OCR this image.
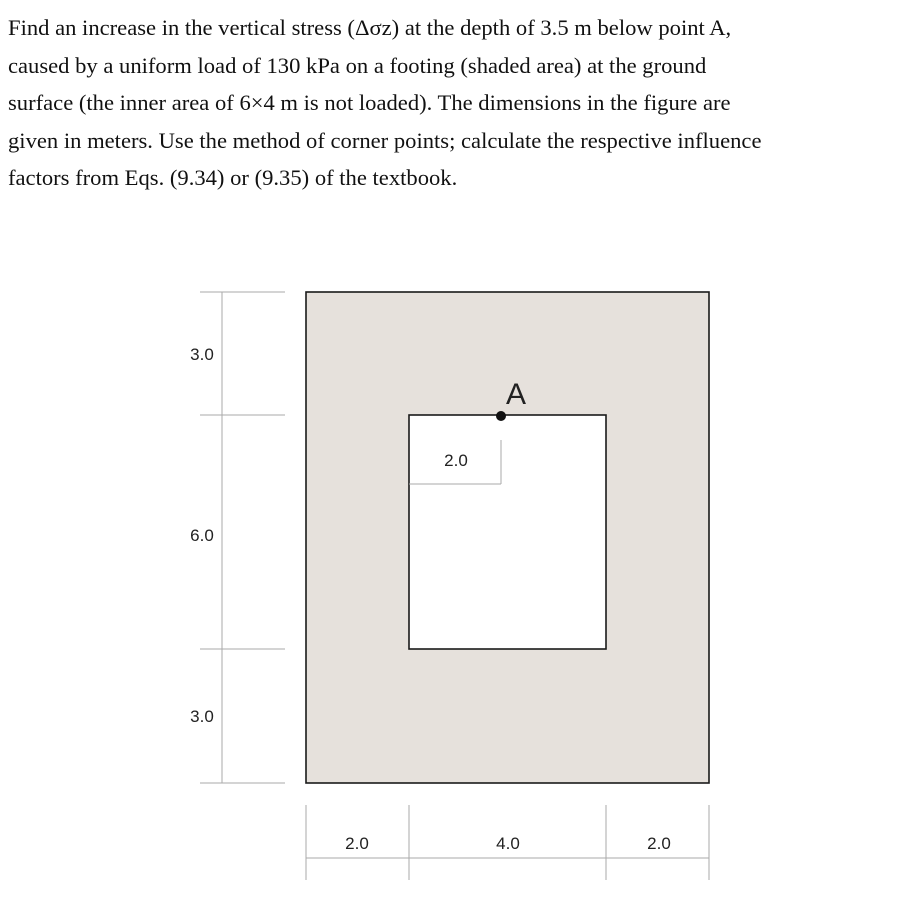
Find an increase in the vertical stress (Δσz) at the depth of 3.5 m below point A,
caused by a uniform load of 130 kPa on a footing (shaded area) at the ground
surface (the inner area of 6×4 m is not loaded). The dimensions in the figure are
given in meters. Use the method of corner points; calculate the respective influence
factors from Eqs. (9.34) or (9.35) of the textbook.
3.0
6.0
3.0
2.0	4.0	2.0
2.0
A
